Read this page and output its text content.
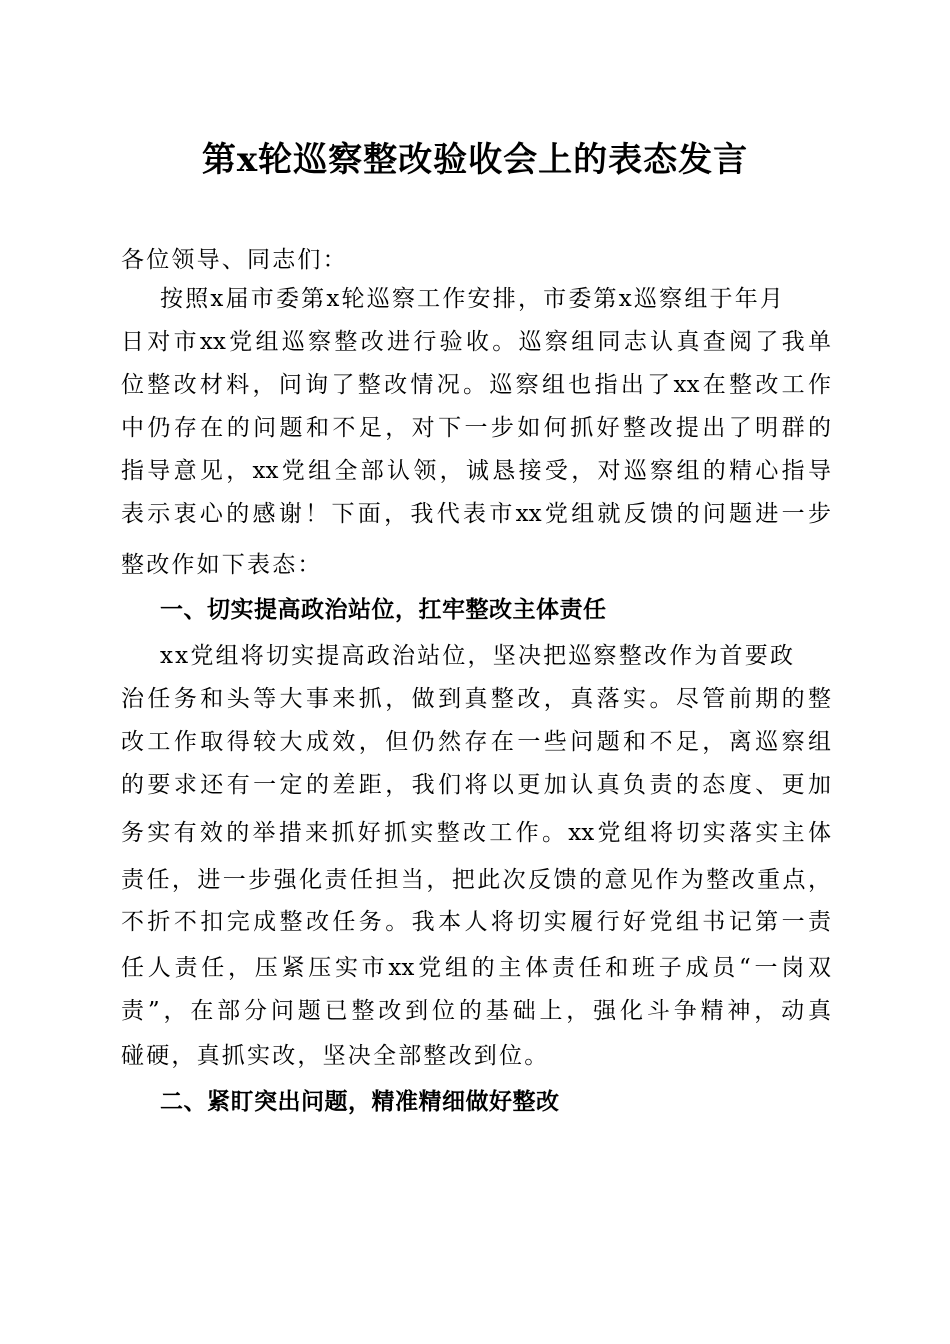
第x轮巡察整改验收会上的表态发言
各位领导、同志们：
按照x届市委第x轮巡察工作安排，市委第x巡察组于年月
日对市xx党组巡察整改进行验收。巡察组同志认真查阅了我单
位整改材料，问询了整改情况。巡察组也指出了xx在整改工作
中仍存在的问题和不足，对下一步如何抓好整改提出了明群的
指导意见，xx党组全部认领，诚恳接受，对巡察组的精心指导
表示衷心的感谢！下面，我代表市xx党组就反馈的问题进一步
整改作如下表态：
一、切实提高政治站位，扛牢整改主体责任
xx党组将切实提高政治站位，坚决把巡察整改作为首要政
治任务和头等大事来抓，做到真整改，真落实。尽管前期的整
改工作取得较大成效，但仍然存在一些问题和不足，离巡察组
的要求还有一定的差距，我们将以更加认真负责的态度、更加
务实有效的举措来抓好抓实整改工作。xx党组将切实落实主体
责任，进一步强化责任担当，把此次反馈的意见作为整改重点，
不折不扣完成整改任务。我本人将切实履行好党组书记第一责
任人责任，压紧压实市xx党组的主体责任和班子成员“一岗双
责”，在部分问题已整改到位的基础上，强化斗争精神，动真
碰硬，真抓实改，坚决全部整改到位。
二、紧盯突出问题，精准精细做好整改
